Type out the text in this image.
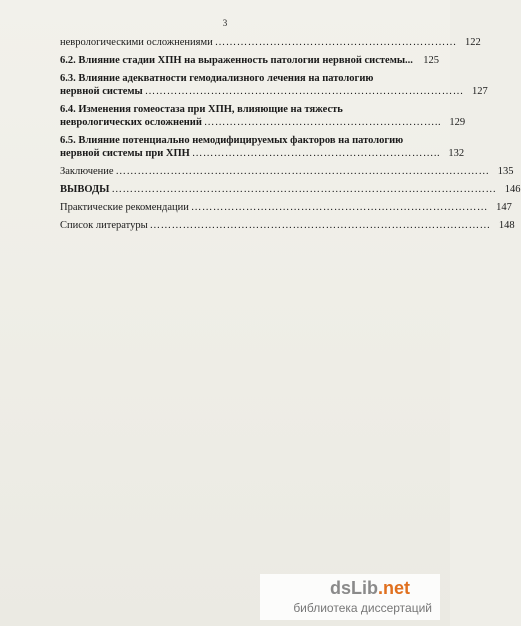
3
неврологическими осложнениями ………………………………………………………… 122
6.2. Влияние стадии ХПН на выраженность патологии нервной системы... 125
6.3. Влияние адекватности гемодиализного лечения на патологию
нервной системы …………………………………………………………………………… 127
6.4. Изменения гомеостаза при ХПН, влияющие на тяжесть
неврологических осложнений ……………………………………………………….. 129
6.5. Влияние потенциально немодифицируемых факторов на патологию
нервной системы при ХПН ………………………………………………………….. 132
Заключение ………………………………………………………………………………………… 135
ВЫВОДЫ …………………………………………………………………………………………… 146
Практические рекомендации ……………………………………………………………………… 147
Список литературы ………………………………………………………………………………… 148
dsLib.net
библиотека диссертаций
